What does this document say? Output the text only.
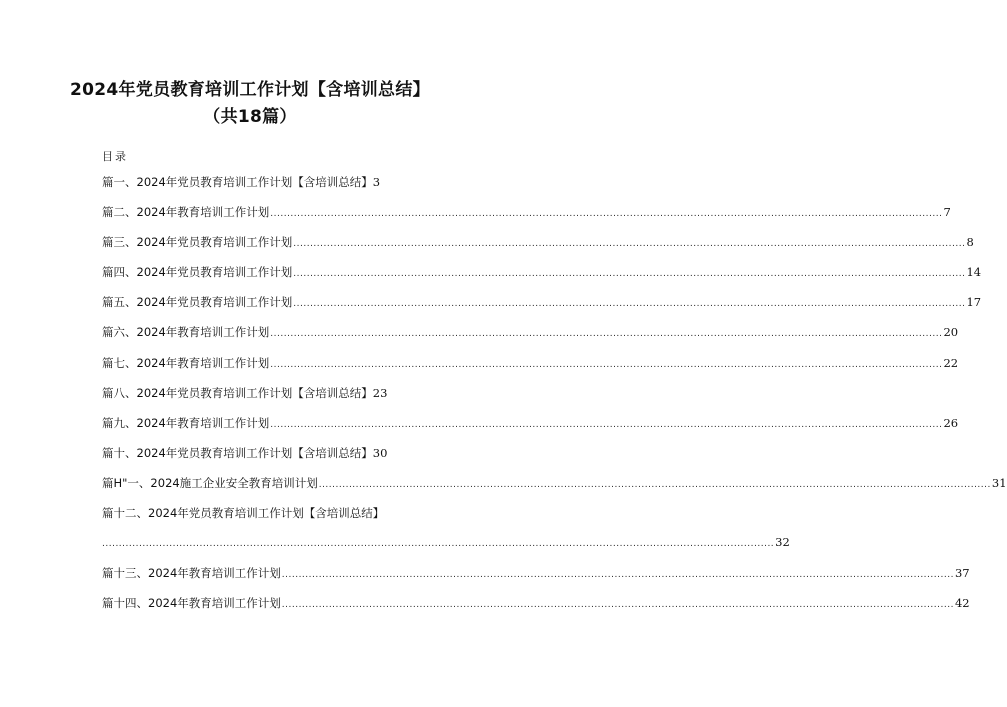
2024年党员教育培训工作计划【含培训总结】
（共18篇）
目录
篇一、2024年党员教育培训工作计划【含培训总结】 3
篇二、2024年教育培训工作计划 ........................................................................................................................................................................................................ 7
篇三、2024年党员教育培训工作计划 ........................................................................................................................................................................................................ 8
篇四、2024年党员教育培训工作计划 ........................................................................................................................................................................................................ 14
篇五、2024年党员教育培训工作计划 ........................................................................................................................................................................................................ 17
篇六、2024年教育培训工作计划 ........................................................................................................................................................................................................ 20
篇七、2024年教育培训工作计划 ........................................................................................................................................................................................................ 22
篇八、2024年党员教育培训工作计划【含培训总结】 23
篇九、2024年教育培训工作计划 ........................................................................................................................................................................................................ 26
篇十、2024年党员教育培训工作计划【含培训总结】 30
篇H"一、2024施工企业安全教育培训计划 ........................................................................................................................................................................................................ 31
篇十二、2024年党员教育培训工作计划【含培训总结】
........................................................................................................................................................................................................ 32
篇十三、2024年教育培训工作计划 ........................................................................................................................................................................................................ 37
篇十四、2024年教育培训工作计划 ........................................................................................................................................................................................................ 42
